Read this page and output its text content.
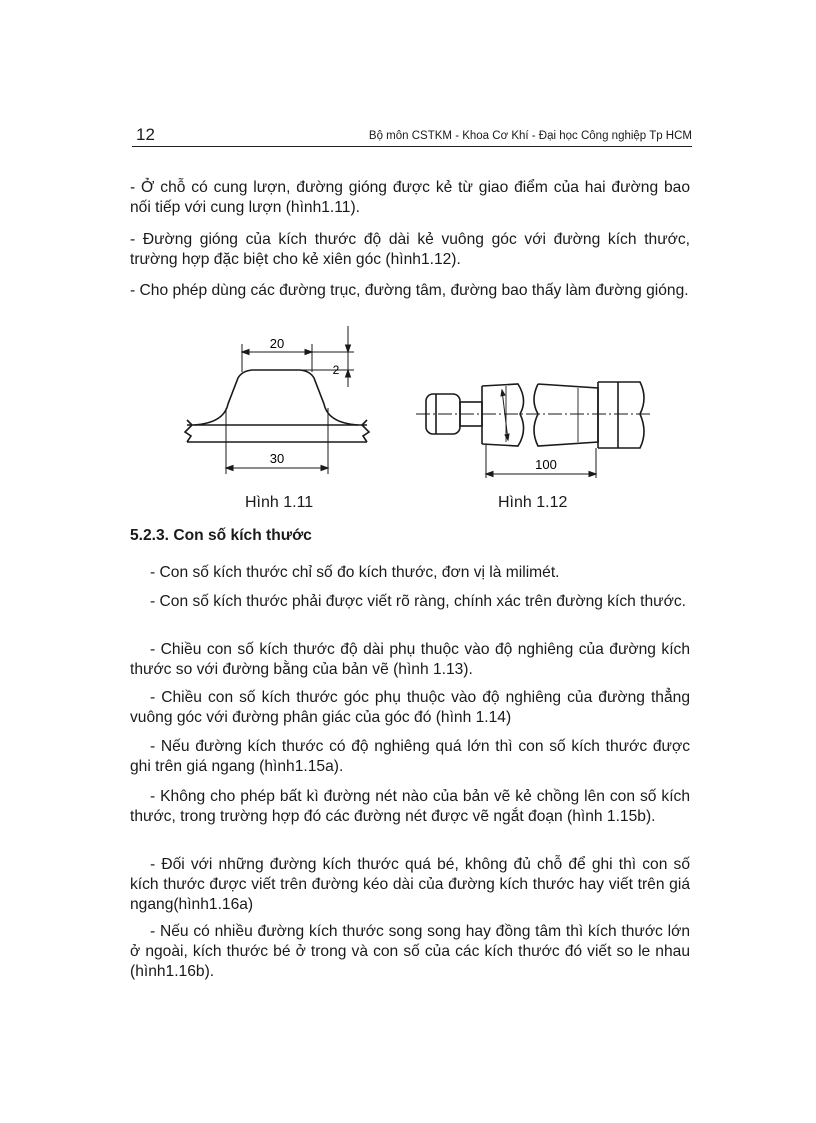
12	Bộ môn CSTKM - Khoa Cơ Khí - Đại học Công nghiệp Tp HCM

- Ở chỗ có cung lượn, đường gióng được kẻ từ giao điểm của hai đường bao nối tiếp với cung lượn (hình1.11).

- Đường gióng của kích thước độ dài kẻ vuông góc với đường kích thước, trường hợp đặc biệt cho kẻ xiên góc (hình1.12).

- Cho phép dùng các đường trục, đường tâm, đường bao thấy làm đường gióng.

20
2
30	100
Hình 1.11	Hình 1.12
5.2.3. Con số kích thước

- Con số kích thước chỉ số đo kích thước, đơn vị là milimét.

- Con số kích thước phải được viết rõ ràng, chính xác trên đường kích thước.

- Chiều con số kích thước độ dài phụ thuộc vào độ nghiêng của đường kích thước so với đường bằng của bản vẽ (hình 1.13).

- Chiều con số kích thước góc phụ thuộc vào độ nghiêng của đường thẳng vuông góc với đường phân giác của góc đó (hình 1.14)

- Nếu đường kích thước có độ nghiêng quá lớn thì con số kích thước được ghi trên giá ngang (hình1.15a).

- Không cho phép bất kì đường nét nào của bản vẽ kẻ chồng lên con số kích thước, trong trường hợp đó các đường nét được vẽ ngắt đoạn (hình 1.15b).

- Đối với những đường kích thước quá bé, không đủ chỗ để ghi thì con số kích thước được viết trên đường kéo dài của đường kích thước hay viết trên giá ngang(hình1.16a)

- Nếu có nhiều đường kích thước song song hay đồng tâm thì kích thước lớn ở ngoài, kích thước bé ở trong và con số của các kích thước đó viết so le nhau (hình1.16b).
